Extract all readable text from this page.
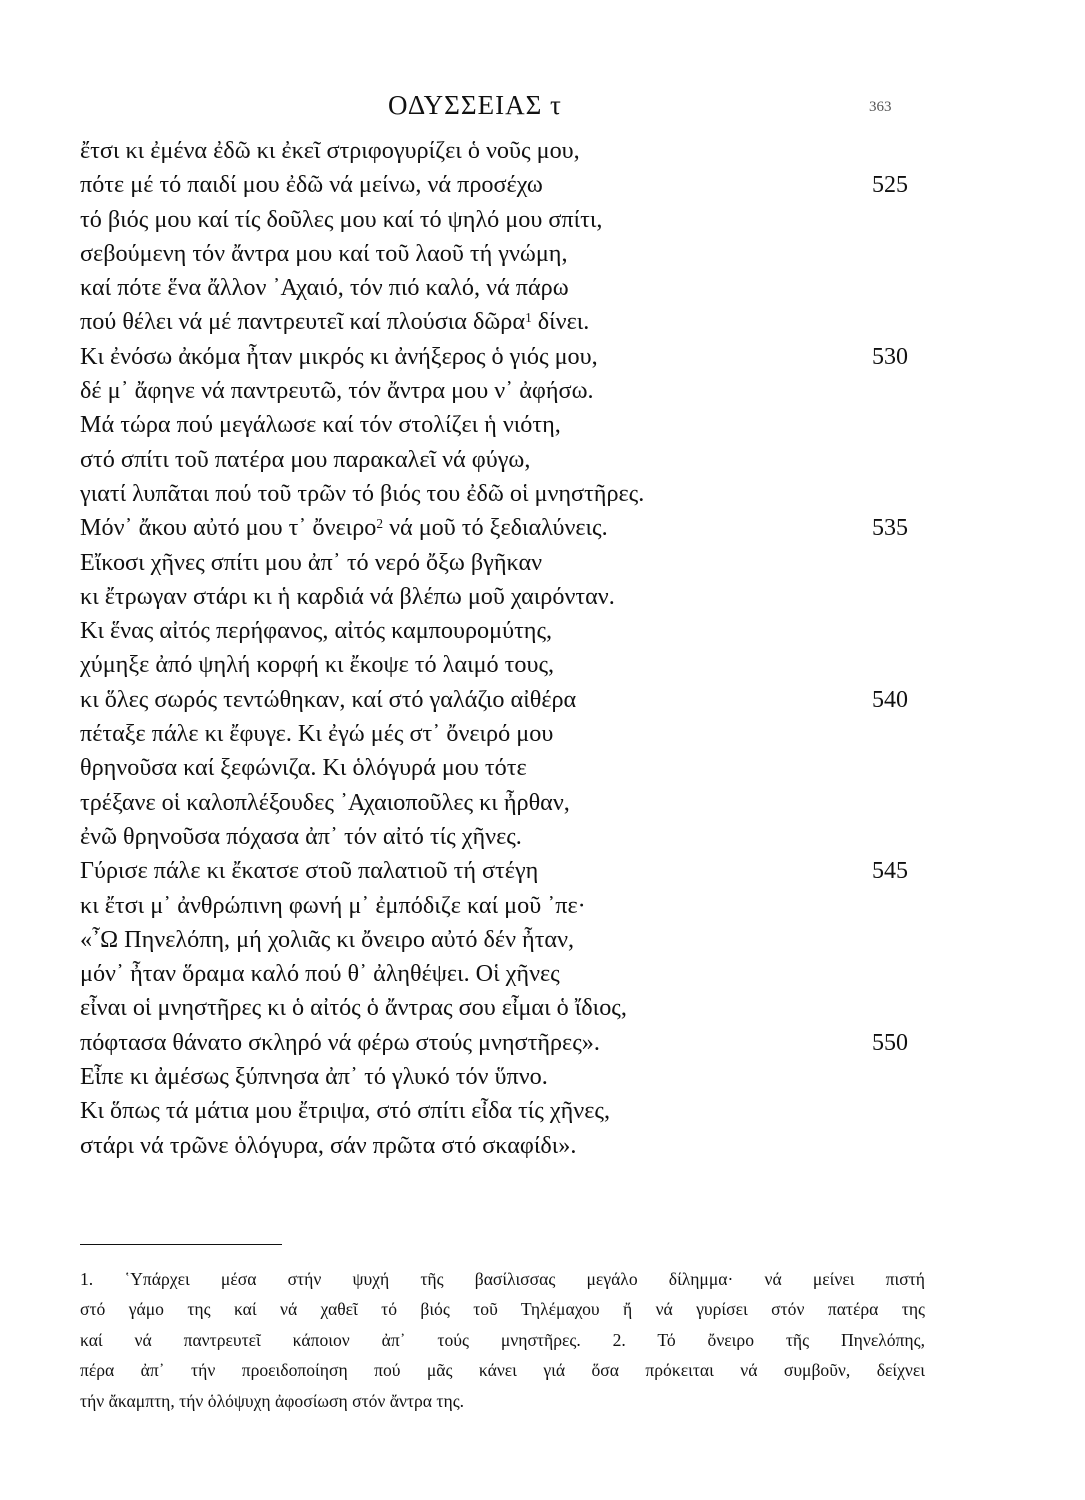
ΟΔΥΣΣΕΙΑΣ τ	363
ἔτσι κι ἐμένα ἐδῶ κι ἐκεῖ στριφογυρίζει ὁ νοῦς μου,
πότε μέ τό παιδί μου ἐδῶ νά μείνω, νά προσέχω	525
τό βιός μου καί τίς δοῦλες μου καί τό ψηλό μου σπίτι,
σεβούμενη τόν ἄντρα μου καί τοῦ λαοῦ τή γνώμη,
καί πότε ἕνα ἄλλον ᾿Αχαιό, τόν πιό καλό, νά πάρω
πού θέλει νά μέ παντρευτεῖ καί πλούσια δῶρα$^1$ δίνει.
Κι ἐνόσω ἀκόμα ἦταν μικρός κι ἀνήξερος ὁ γιός μου,	530
δέ μ᾿ ἄφηνε νά παντρευτῶ, τόν ἄντρα μου ν᾿ ἀφήσω.
Μά τώρα πού μεγάλωσε καί τόν στολίζει ἡ νιότη,
στό σπίτι τοῦ πατέρα μου παρακαλεῖ νά φύγω,
γιατί λυπᾶται πού τοῦ τρῶν τό βιός του ἐδῶ οἱ μνηστῆρες.
Μόν᾿ ἄκου αὐτό μου τ᾿ ὄνειρο$^2$ νά μοῦ τό ξεδιαλύνεις.	535
Εἴκοσι χῆνες σπίτι μου ἀπ᾿ τό νερό ὄξω βγῆκαν
κι ἔτρωγαν στάρι κι ἡ καρδιά νά βλέπω μοῦ χαιρόνταν.
Κι ἕνας αἰτός περήφανος, αἰτός καμπουρομύτης,
χύμηξε ἀπό ψηλή κορφή κι ἔκοψε τό λαιμό τους,
κι ὅλες σωρός τεντώθηκαν, καί στό γαλάζιο αἰθέρα	540
πέταξε πάλε κι ἔφυγε. Κι ἐγώ μές στ᾿ ὄνειρό μου
θρηνοῦσα καί ξεφώνιζα. Κι ὁλόγυρά μου τότε
τρέξανε οἱ καλοπλέξουδες ᾿Αχαιοποῦλες κι ἦρθαν,
ἐνῶ θρηνοῦσα πόχασα ἀπ᾿ τόν αἰτό τίς χῆνες.
Γύρισε πάλε κι ἔκατσε στοῦ παλατιοῦ τή στέγη	545
κι ἔτσι μ᾿ ἀνθρώπινη φωνή μ᾿ ἐμπόδιζε καί μοῦ ᾿πε·
«῏Ω Πηνελόπη, μή χολιᾶς κι ὄνειρο αὐτό δέν ἦταν,
μόν᾿ ἦταν ὅραμα καλό πού θ᾿ ἀληθέψει. Οἱ χῆνες
εἶναι οἱ μνηστῆρες κι ὁ αἰτός ὁ ἄντρας σου εἶμαι ὁ ἴδιος,
πόφτασα θάνατο σκληρό νά φέρω στούς μνηστῆρες».	550
Εἶπε κι ἀμέσως ξύπνησα ἀπ᾿ τό γλυκό τόν ὕπνο.
Κι ὅπως τά μάτια μου ἔτριψα, στό σπίτι εἶδα τίς χῆνες,
στάρι νά τρῶνε ὁλόγυρα, σάν πρῶτα στό σκαφίδι».
1. ῾Υπάρχει μέσα στήν ψυχή τῆς βασίλισσας μεγάλο δίλημμα· νά μείνει πιστή
στό γάμο της καί νά χαθεῖ τό βιός τοῦ Τηλέμαχου ἤ νά γυρίσει στόν πατέρα της
καί νά παντρευτεῖ κάποιον ἀπ᾿ τούς μνηστῆρες. 2. Τό ὄνειρο τῆς Πηνελόπης,
πέρα ἀπ᾿ τήν προειδοποίηση πού μᾶς κάνει γιά ὅσα πρόκειται νά συμβοῦν, δείχνει
τήν ἄκαμπτη, τήν ὁλόψυχη ἀφοσίωση στόν ἄντρα της.
